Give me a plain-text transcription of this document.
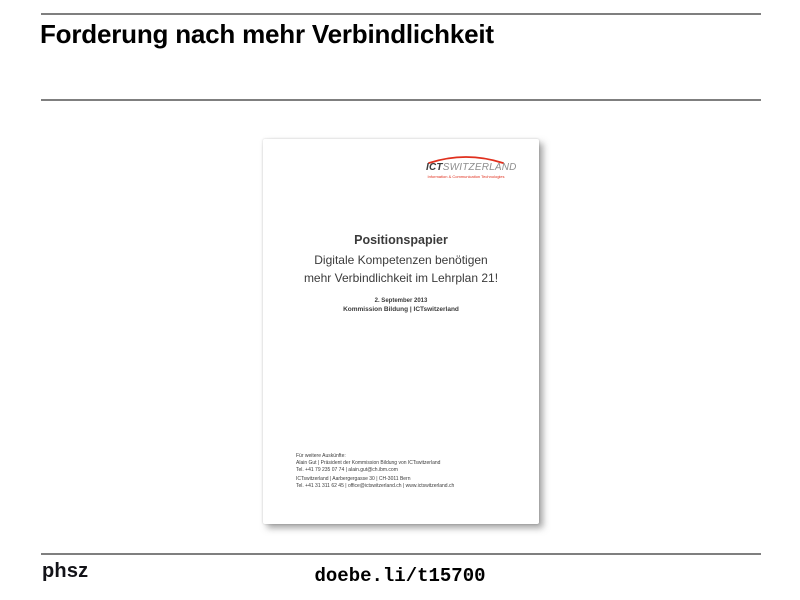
Forderung nach mehr Verbindlichkeit
ICTSWITZERLAND
Information & Communication Technologies
Positionspapier
Digitale Kompetenzen benötigen
mehr Verbindlichkeit im Lehrplan 21!
2. September 2013
Kommission Bildung | ICTswitzerland
Für weitere Auskünfte:
Alain Gut | Präsident der Kommission Bildung von ICTswitzerland
Tel. +41 79 235 07 74 | alain.gut@ch.ibm.com
ICTswitzerland | Aarbergergasse 30 | CH-3011 Bern
Tel. +41 31 311 62 45 | office@ictswitzerland.ch | www.ictswitzerland.ch
phsz	doebe.li/t15700
